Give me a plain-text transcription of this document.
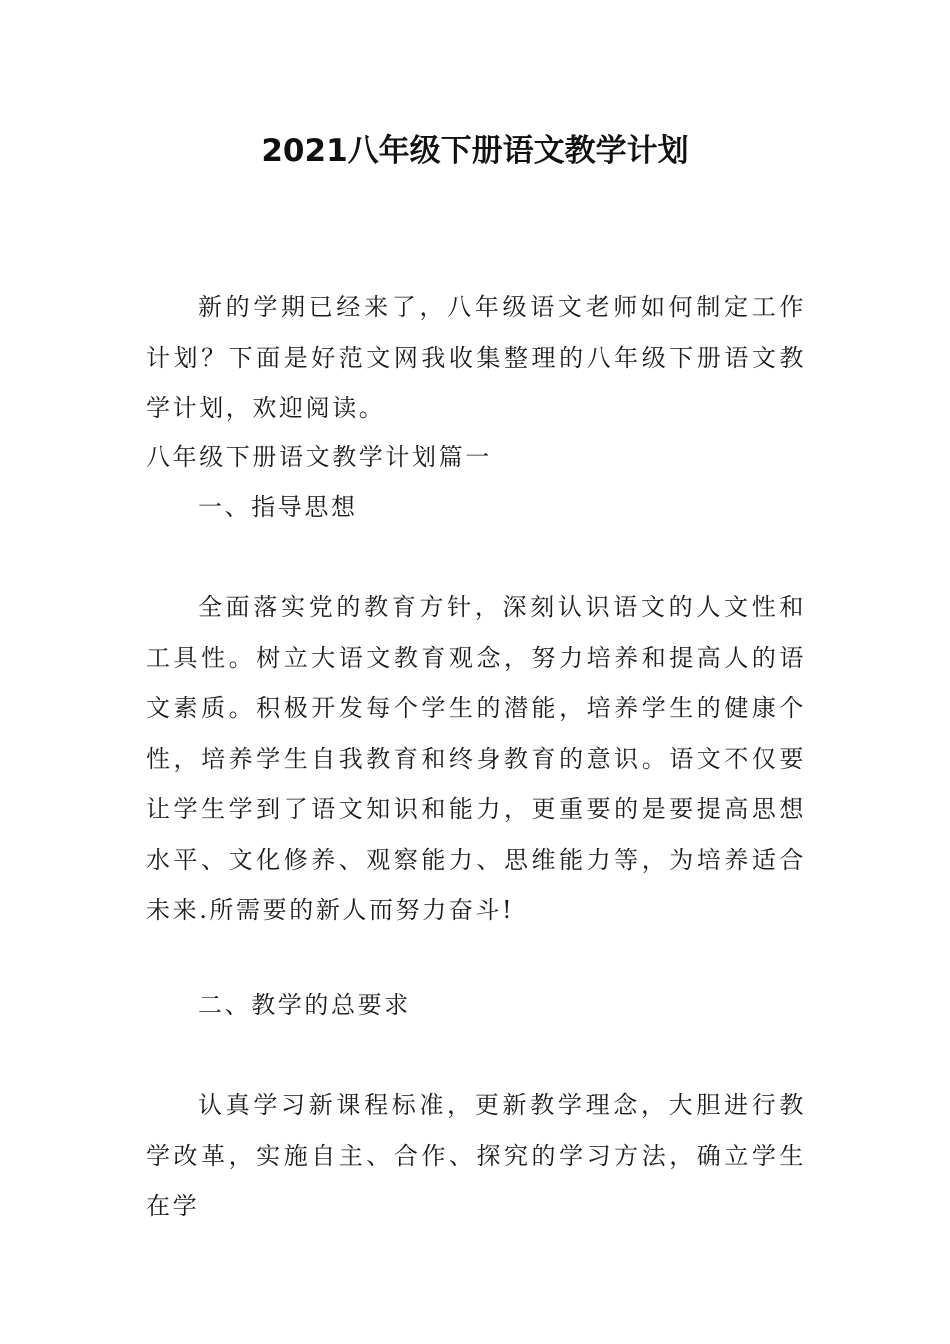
2021八年级下册语文教学计划

新的学期已经来了，八年级语文老师如何制定工作计划？下面是好范文网我收集整理的八年级下册语文教学计划，欢迎阅读。

八年级下册语文教学计划篇一

一、指导思想

全面落实党的教育方针，深刻认识语文的人文性和工具性。树立大语文教育观念，努力培养和提高人的语文素质。积极开发每个学生的潜能，培养学生的健康个性，培养学生自我教育和终身教育的意识。语文不仅要让学生学到了语文知识和能力，更重要的是要提高思想水平、文化修养、观察能力、思维能力等，为培养适合未来.所需要的新人而努力奋斗!

二、教学的总要求

认真学习新课程标准，更新教学理念，大胆进行教学改革，实施自主、合作、探究的学习方法，确立学生在学
